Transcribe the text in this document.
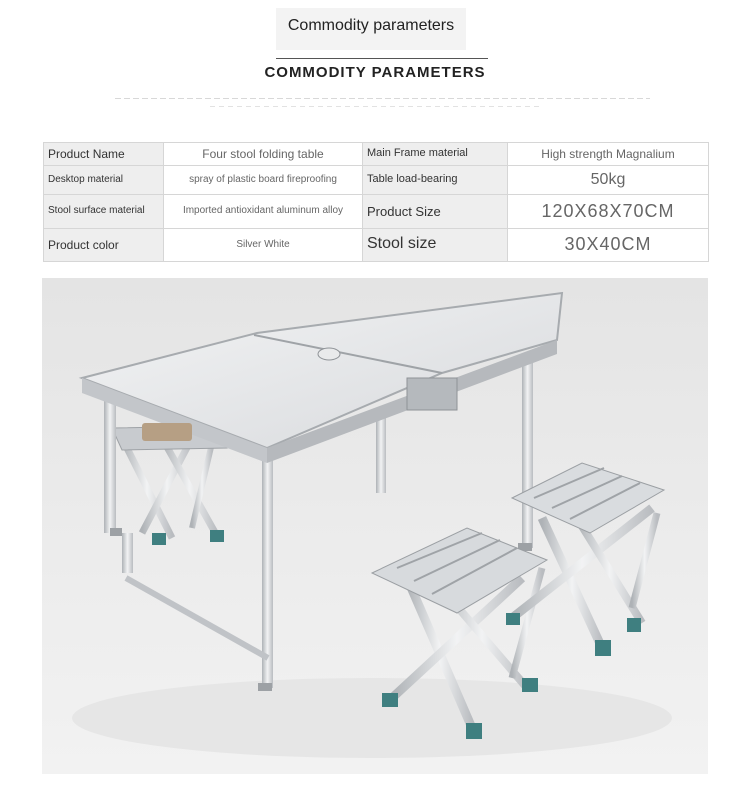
Commodity parameters
COMMODITY PARAMETERS
Product Name	Four stool folding table	Main Frame material	High strength Magnalium
Desktop material	spray of plastic board fireproofing	Table load-bearing	50kg
Stool surface material	Imported antioxidant aluminum alloy	Product Size	120X68X70CM
Product color	Silver White	Stool size	30X40CM
